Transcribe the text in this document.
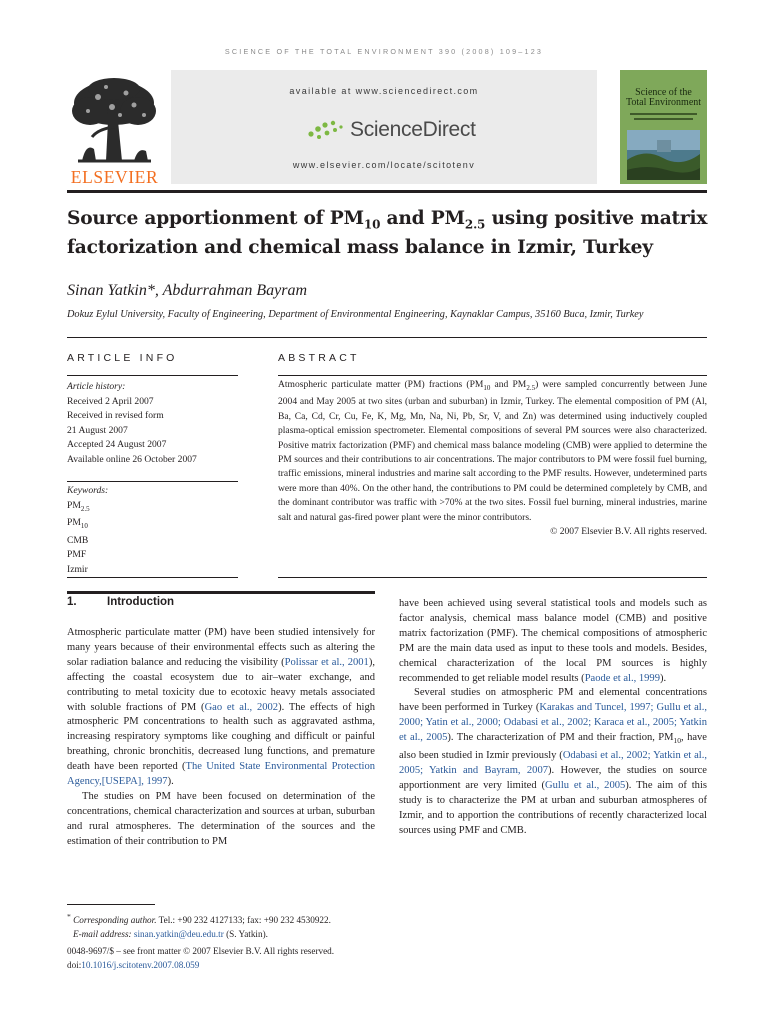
SCIENCE OF THE TOTAL ENVIRONMENT 390 (2008) 109–123
ELSEVIER
available at www.sciencedirect.com
ScienceDirect
www.elsevier.com/locate/scitotenv
Science of the
Total Environment
Source apportionment of $PM_{10}$ and $PM_{2.5}$ using positive matrix factorization and chemical mass balance in Izmir, Turkey
Sinan Yatkin*, Abdurrahman Bayram
Dokuz Eylul University, Faculty of Engineering, Department of Environmental Engineering, Kaynaklar Campus, 35160 Buca, Izmir, Turkey
ARTICLE INFO	ABSTRACT
Article history:
Received 2 April 2007
Received in revised form
21 August 2007
Accepted 24 August 2007
Available online 26 October 2007
Keywords:
$PM_{2.5}$
$PM_{10}$
CMB
PMF
Izmir

Atmospheric particulate matter (PM) fractions ($PM_{10}$ and $PM_{2.5}$) were sampled concurrently between June 2004 and May 2005 at two sites (urban and suburban) in Izmir, Turkey. The elemental composition of PM (Al, Ba, Ca, Cd, Cr, Cu, Fe, K, Mg, Mn, Na, Ni, Pb, Sr, V, and Zn) was determined using inductively coupled plasma-optical emission spectrometer. Elemental compositions of several PM sources were also characterized. Positive matrix factorization (PMF) and chemical mass balance modeling (CMB) were applied to determine the PM sources and their contributions to air concentrations. The major contributors to PM were fossil fuel burning, traffic emissions, mineral industries and marine salt according to the PMF results. However, undetermined parts were more than 40%. On the other hand, the contributions to PM could be determined completely by CMB, and the dominant contributor was traffic with >70% at the two sites. Fossil fuel burning, mineral industries, marine salt and natural gas-fired power plant were the minor contributors.

© 2007 Elsevier B.V. All rights reserved.

1.	Introduction

Atmospheric particulate matter (PM) have been studied intensively for many years because of their environmental effects such as altering the solar radiation balance and reducing the visibility (Polissar et al., 2001), affecting the coastal ecosystem due to air–water exchange, and contributing to metal toxicity due to ecotoxic heavy metals associated with soluble fractions of PM (Gao et al., 2002). The effects of high atmospheric PM concentrations to health such as aggravated asthma, increasing respiratory symptoms like coughing and difficult or painful breathing, chronic bronchitis, decreased lung functions, and premature death have been reported (The United State Environmental Protection Agency,[USEPA], 1997).

The studies on PM have been focused on determination of the concentrations, chemical characterization and sources at urban, suburban and rural atmospheres. The determination of the sources and the estimation of their contribution to PM

have been achieved using several statistical tools and models such as factor analysis, chemical mass balance model (CMB) and positive matrix factorization (PMF). The chemical compositions of atmospheric PM are the main data used as input to these tools and models. Besides, chemical characterization of the local PM sources is highly recommended to get reliable model results (Paode et al., 1999).

Several studies on atmospheric PM and elemental concentrations have been performed in Turkey (Karakas and Tuncel, 1997; Gullu et al., 2000; Yatin et al., 2000; Odabasi et al., 2002; Karaca et al., 2005; Yatkin et al., 2005). The characterization of PM and their fraction, $PM_{10}$, have also been studied in Izmir previously (Odabasi et al., 2002; Yatkin et al., 2005; Yatkin and Bayram, 2007). However, the studies on source apportionment are very limited (Gullu et al., 2005). The aim of this study is to characterize the PM at urban and suburban atmospheres of Izmir, and to apportion the contributions of recently characterized local sources using PMF and CMB.

* Corresponding author. Tel.: +90 232 4127133; fax: +90 232 4530922.
E-mail address: sinan.yatkin@deu.edu.tr (S. Yatkin).
0048-9697/$ – see front matter © 2007 Elsevier B.V. All rights reserved.
doi:10.1016/j.scitotenv.2007.08.059
